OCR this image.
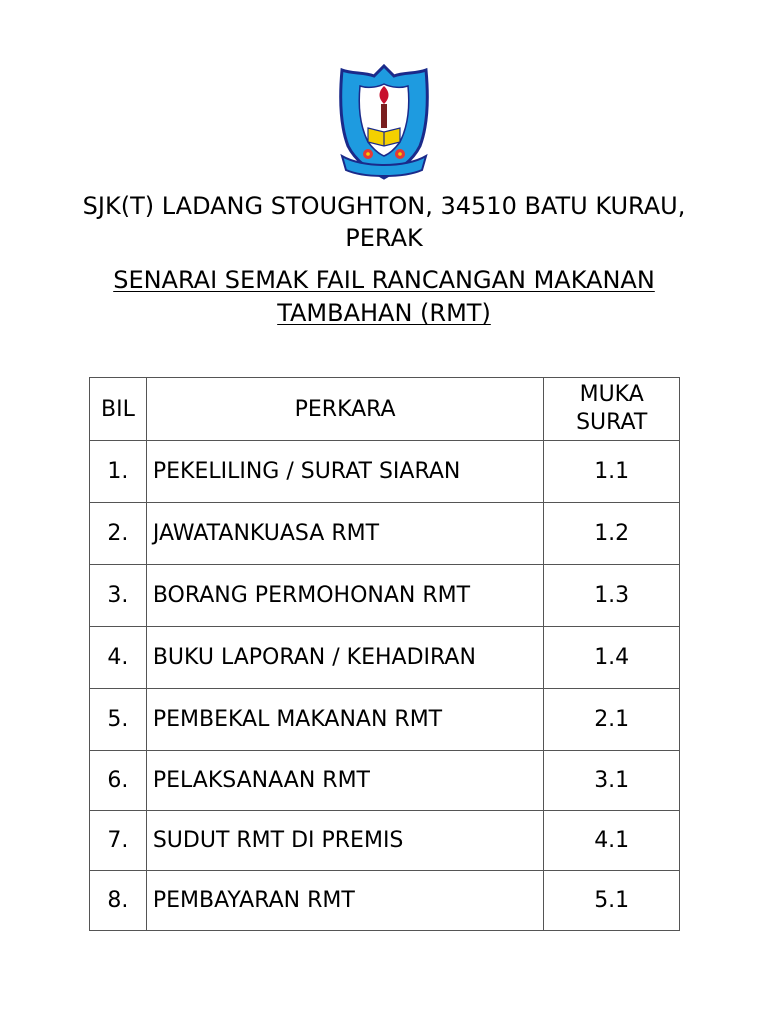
SJK(T) LADANG STOUGHTON, 34510 BATU KURAU, PERAK
SENARAI SEMAK FAIL RANCANGAN MAKANAN TAMBAHAN (RMT)
BIL	PERKARA	MUKA
SURAT
1.	PEKELILING / SURAT SIARAN	1.1
2.	JAWATANKUASA RMT	1.2
3.	BORANG PERMOHONAN RMT	1.3
4.	BUKU LAPORAN / KEHADIRAN	1.4
5.	PEMBEKAL MAKANAN RMT	2.1
6.	PELAKSANAAN RMT	3.1
7.	SUDUT RMT DI PREMIS	4.1
8.	PEMBAYARAN RMT	5.1
